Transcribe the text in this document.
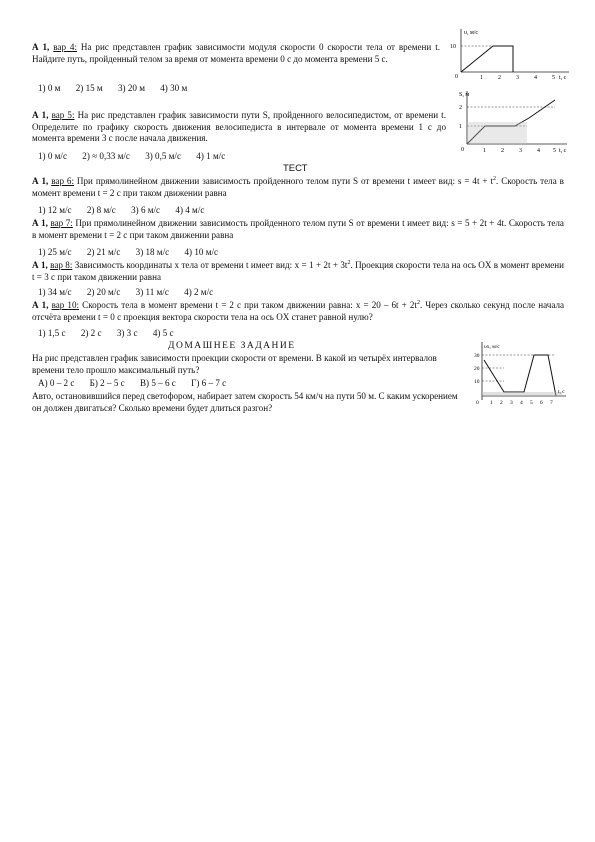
А 1, вар 4: На рис представлен график зависимости модуля скорости 0 скорости тела от времени t. Найдите путь, пройденный телом за время от момента времени 0 с до момента времени 5 с.

1) 0 м 2) 15 м 3) 20 м 4) 30 м
υ, м/с
10
0	1	2	3	4	5 t, с

А 1, вар 5: На рис представлен график зависимости пути S, пройденного велосипедистом, от времени t. Определите по графику скорость движения велосипедиста в интервале от момента времени 1 с до момента времени 3 с после начала движения.

1) 0 м/с 2) ≈ 0,33 м/с 3) 0,5 м/с 4) 1 м/с
S, м
2
1
0	1	2	3	4 5 t, с
ТЕСТ

А 1, вар 6: При прямолинейном движении зависимость пройденного телом пути S от времени t имеет вид: $s = 4t + t^2$. Скорость тела в момент времени t = 2 с при таком движении равна

1) 12 м/с 2) 8 м/с 3) 6 м/с 4) 4 м/с

А 1, вар 7: При прямолинейном движении зависимость пройденного телом пути S от времени t имеет вид: s = 5 + 2t + 4t. Скорость тела в момент времени t = 2 с при таком движении равна

1) 25 м/с 2) 21 м/с 3) 18 м/с 4) 10 м/с

А 1, вар 8: Зависимость координаты x тела от времени t имеет вид: $x = 1 + 2t + 3t^2$. Проекция скорости тела на ось OX в момент времени t = 3 с при таком движении равна

1) 34 м/с 2) 20 м/с 3) 11 м/с 4) 2 м/с

А 1, вар 10: Скорость тела в момент времени t = 2 с при таком движении равна: $x = 20 - 6t + 2t^2$. Через сколько секунд после начала отсчёта времени t = 0 с проекция вектора скорости тела на ось OX станет равной нулю?

1) 1,5 с 2) 2 с 3) 3 с 4) 5 с
ДОМАШНЕЕ ЗАДАНИЕ

На рис представлен график зависимости проекции скорости от времени. В какой из четырёх интервалов времени тело прошло максимальный путь?

А) 0 – 2 с Б) 2 – 5 с В) 5 – 6 с Г) 6 – 7 с

Авто, остановившийся перед светофором, набирает затем скорость 54 км/ч на пути 50 м. С каким ускорением он должен двигаться? Сколько времени будет длиться разгон?

υx, м/с
30
20
10
0 1 2 3 4 5 6 7
t, с
